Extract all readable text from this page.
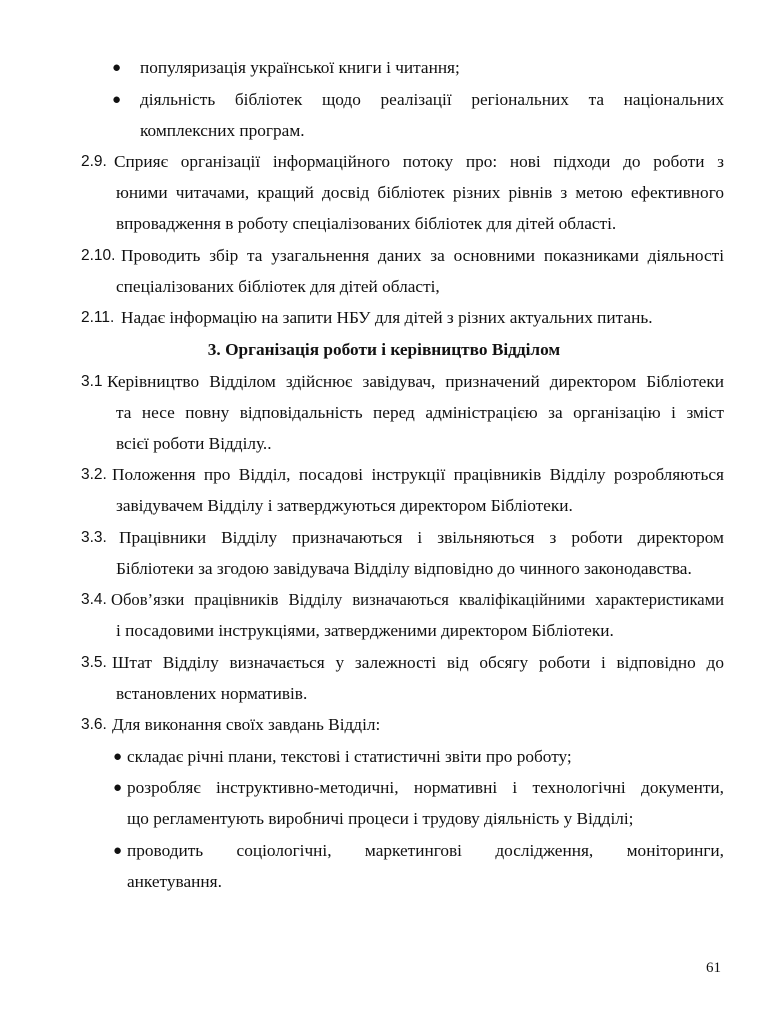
● популяризація української книги і читання;
● діяльність бібліотек щодо реалізації регіональних та національних
комплексних програм.
2.9. Сприяє організації інформаційного потоку про: нові підходи до роботи з
юними читачами, кращий досвід бібліотек різних рівнів з метою ефективного
впровадження в роботу спеціалізованих бібліотек для дітей області.
2.10. Проводить збір та узагальнення даних за основними показниками діяльності
спеціалізованих бібліотек для дітей області,
2.11. Надає інформацію на запити НБУ для дітей з різних актуальних питань.
3. Організація роботи і керівництво Відділом
3.1 Керівництво Відділом здійснює завідувач, призначений директором Бібліотеки
та несе повну відповідальність перед адміністрацією за організацію і зміст
всієї роботи Відділу..
3.2. Положення про Відділ, посадові інструкції працівників Відділу розробляються
завідувачем Відділу і затверджуються директором Бібліотеки.
3.3. Працівники Відділу призначаються і звільняються з роботи директором
Бібліотеки за згодою завідувача Відділу відповідно до чинного законодавства.
3.4. Обов’язки працівників Відділу визначаються кваліфікаційними характеристиками
і посадовими інструкціями, затвердженими директором Бібліотеки.
3.5. Штат Відділу визначається у залежності від обсягу роботи і відповідно до
встановлених нормативів.
3.6. Для виконання своїх завдань Відділ:
● складає річні плани, текстові і статистичні звіти про роботу;
● розробляє інструктивно-методичні, нормативні і технологічні документи,
що регламентують виробничі процеси і трудову діяльність у Відділі;
● проводить соціологічні, маркетингові дослідження, моніторинги,
анкетування.
61
